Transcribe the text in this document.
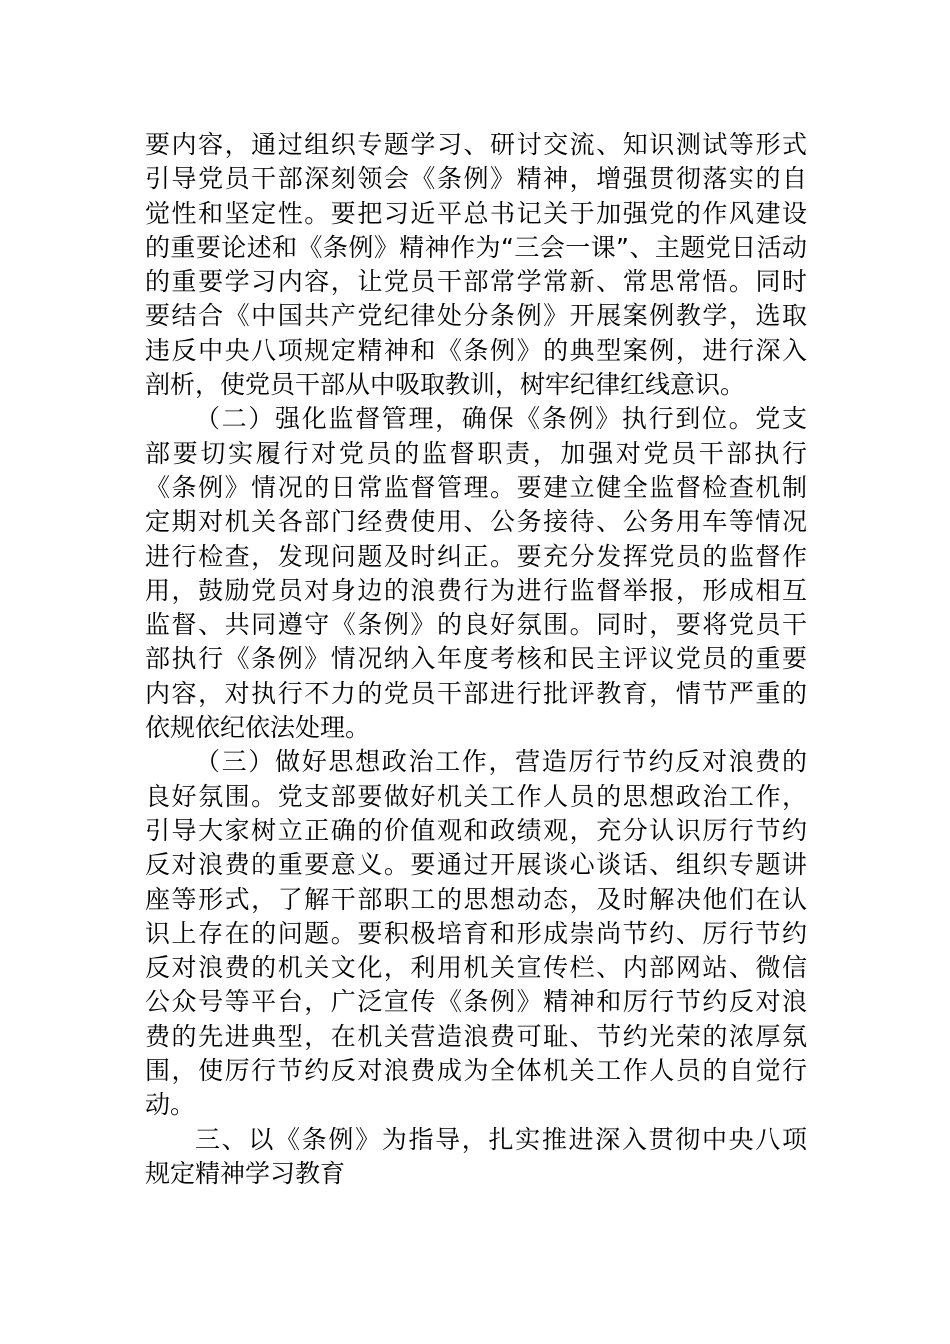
要内容，通过组织专题学习、研讨交流、知识测试等形式
引导党员干部深刻领会《条例》精神，增强贯彻落实的自
觉性和坚定性。要把习近平总书记关于加强党的作风建设
的重要论述和《条例》精神作为“三会一课”、主题党日活动
的重要学习内容，让党员干部常学常新、常思常悟。同时
要结合《中国共产党纪律处分条例》开展案例教学，选取
违反中央八项规定精神和《条例》的典型案例，进行深入
剖析，使党员干部从中吸取教训，树牢纪律红线意识。
（二）强化监督管理，确保《条例》执行到位。党支
部要切实履行对党员的监督职责，加强对党员干部执行
《条例》情况的日常监督管理。要建立健全监督检查机制
定期对机关各部门经费使用、公务接待、公务用车等情况
进行检查，发现问题及时纠正。要充分发挥党员的监督作
用，鼓励党员对身边的浪费行为进行监督举报，形成相互
监督、共同遵守《条例》的良好氛围。同时，要将党员干
部执行《条例》情况纳入年度考核和民主评议党员的重要
内容，对执行不力的党员干部进行批评教育，情节严重的
依规依纪依法处理。
（三）做好思想政治工作，营造厉行节约反对浪费的
良好氛围。党支部要做好机关工作人员的思想政治工作，
引导大家树立正确的价值观和政绩观，充分认识厉行节约
反对浪费的重要意义。要通过开展谈心谈话、组织专题讲
座等形式，了解干部职工的思想动态，及时解决他们在认
识上存在的问题。要积极培育和形成崇尚节约、厉行节约
反对浪费的机关文化，利用机关宣传栏、内部网站、微信
公众号等平台，广泛宣传《条例》精神和厉行节约反对浪
费的先进典型，在机关营造浪费可耻、节约光荣的浓厚氛
围，使厉行节约反对浪费成为全体机关工作人员的自觉行
动。
三、以《条例》为指导，扎实推进深入贯彻中央八项
规定精神学习教育
